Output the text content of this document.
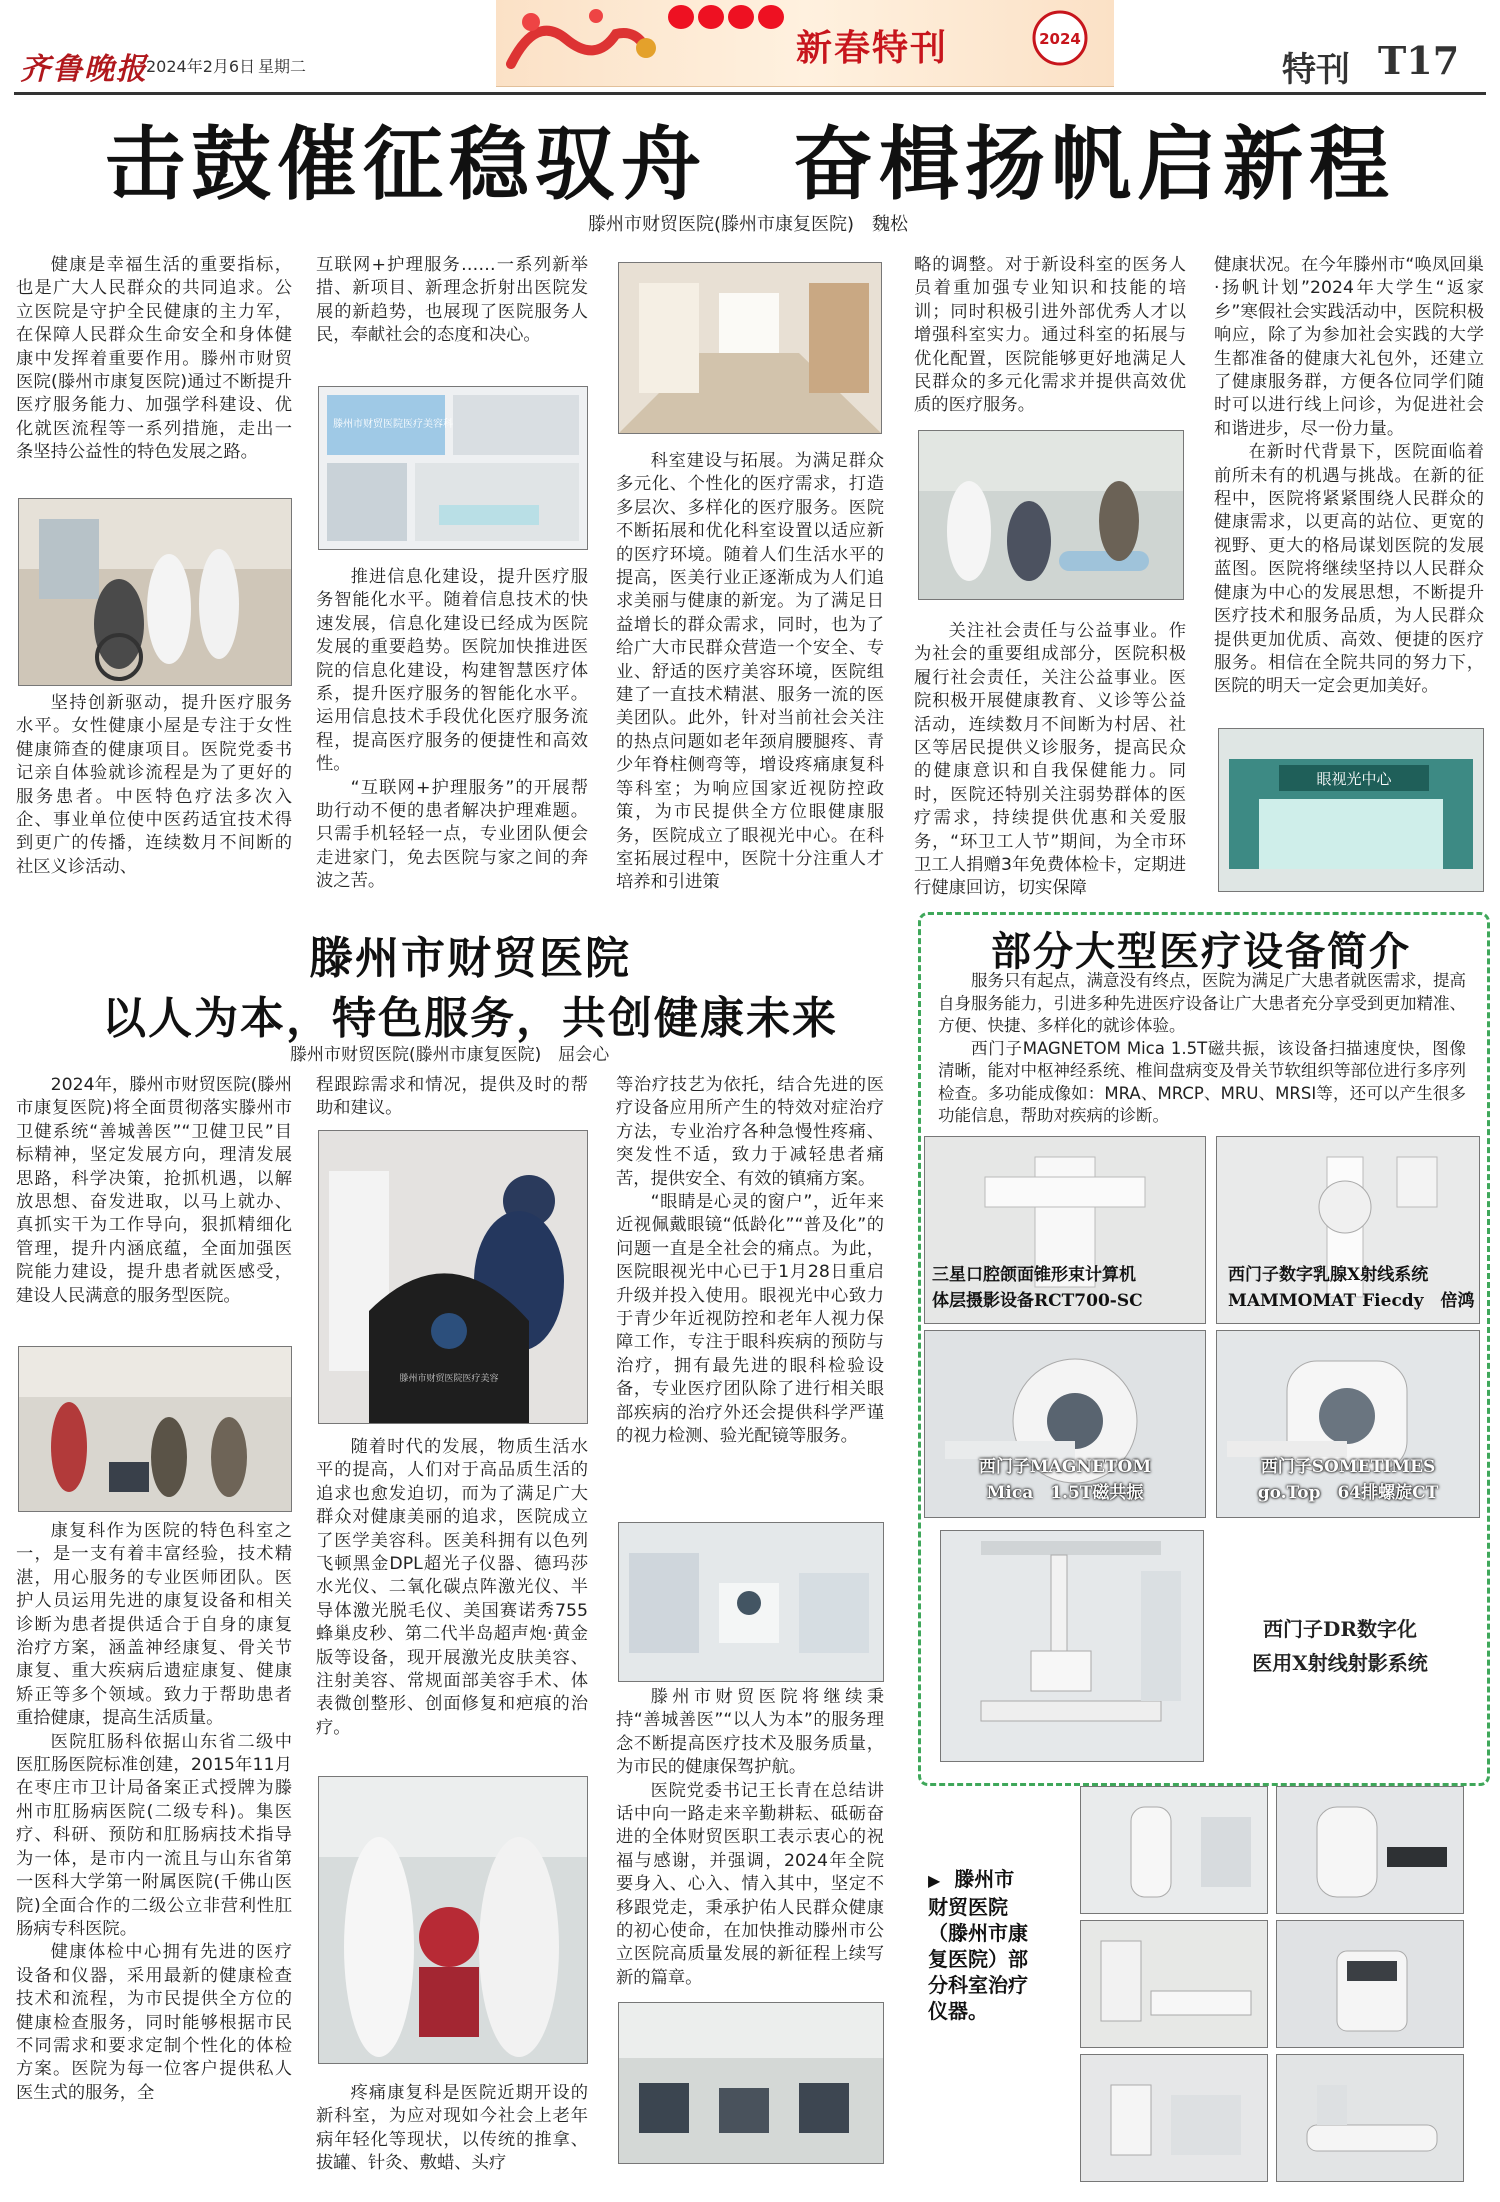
齐鲁晚报
2024年2月6日 星期二	新春特刊	2024
特刊 T17
击鼓催征稳驭舟　奋楫扬帆启新程
滕州市财贸医院(滕州市康复医院)　魏松

健康是幸福生活的重要指标，也是广大人民群众的共同追求。公立医院是守护全民健康的主力军，在保障人民群众生命安全和身体健康中发挥着重要作用。滕州市财贸医院(滕州市康复医院)通过不断提升医疗服务能力、加强学科建设、优化就医流程等一系列措施，走出一条坚持公益性的特色发展之路。

坚持创新驱动，提升医疗服务水平。女性健康小屋是专注于女性健康筛查的健康项目。医院党委书记亲自体验就诊流程是为了更好的服务患者。中医特色疗法多次入企、事业单位使中医药适宜技术得到更广的传播，连续数月不间断的社区义诊活动、

互联网+护理服务……一系列新举措、新项目、新理念折射出医院发展的新趋势，也展现了医院服务人民，奉献社会的态度和决心。

滕州市财贸医院医疗美容科

推进信息化建设，提升医疗服务智能化水平。随着信息技术的快速发展，信息化建设已经成为医院发展的重要趋势。医院加快推进医院的信息化建设，构建智慧医疗体系，提升医疗服务的智能化水平。运用信息技术手段优化医疗服务流程，提高医疗服务的便捷性和高效性。

“互联网+护理服务”的开展帮助行动不便的患者解决护理难题。只需手机轻轻一点，专业团队便会走进家门，免去医院与家之间的奔波之苦。

科室建设与拓展。为满足群众多元化、个性化的医疗需求，打造多层次、多样化的医疗服务。医院不断拓展和优化科室设置以适应新的医疗环境。随着人们生活水平的提高，医美行业正逐渐成为人们追求美丽与健康的新宠。为了满足日益增长的群众需求，同时，也为了给广大市民群众营造一个安全、专业、舒适的医疗美容环境，医院组建了一直技术精湛、服务一流的医美团队。此外，针对当前社会关注的热点问题如老年颈肩腰腿疼、青少年脊柱侧弯等，增设疼痛康复科等科室；为响应国家近视防控政策，为市民提供全方位眼健康服务，医院成立了眼视光中心。在科室拓展过程中，医院十分注重人才培养和引进策

略的调整。对于新设科室的医务人员着重加强专业知识和技能的培训；同时积极引进外部优秀人才以增强科室实力。通过科室的拓展与优化配置，医院能够更好地满足人民群众的多元化需求并提供高效优质的医疗服务。

关注社会责任与公益事业。作为社会的重要组成部分，医院积极履行社会责任，关注公益事业。医院积极开展健康教育、义诊等公益活动，连续数月不间断为村居、社区等居民提供义诊服务，提高民众的健康意识和自我保健能力。同时，医院还特别关注弱势群体的医疗需求，持续提供优惠和关爱服务，“环卫工人节”期间，为全市环卫工人捐赠3年免费体检卡，定期进行健康回访，切实保障

健康状况。在今年滕州市“唤凤回巢·扬帆计划”2024年大学生“返家乡”寒假社会实践活动中，医院积极响应，除了为参加社会实践的大学生都准备的健康大礼包外，还建立了健康服务群，方便各位同学们随时可以进行线上问诊，为促进社会和谐进步，尽一份力量。

在新时代背景下，医院面临着前所未有的机遇与挑战。在新的征程中，医院将紧紧围绕人民群众的健康需求，以更高的站位、更宽的视野、更大的格局谋划医院的发展蓝图。医院将继续坚持以人民群众健康为中心的发展思想，不断提升医疗技术和服务品质，为人民群众提供更加优质、高效、便捷的医疗服务。相信在全院共同的努力下，医院的明天一定会更加美好。

眼视光中心
滕州市财贸医院
以人为本，特色服务，共创健康未来
滕州市财贸医院(滕州市康复医院)　屈会心

2024年，滕州市财贸医院(滕州市康复医院)将全面贯彻落实滕州市卫健系统“善城善医”“卫健卫民”目标精神，坚定发展方向，理清发展思路，科学决策，抢抓机遇，以解放思想、奋发进取，以马上就办、真抓实干为工作导向，狠抓精细化管理，提升内涵底蕴，全面加强医院能力建设，提升患者就医感受，建设人民满意的服务型医院。

康复科作为医院的特色科室之一，是一支有着丰富经验，技术精湛，用心服务的专业医师团队。医护人员运用先进的康复设备和相关诊断为患者提供适合于自身的康复治疗方案，涵盖神经康复、骨关节康复、重大疾病后遗症康复、健康矫正等多个领域。致力于帮助患者重拾健康，提高生活质量。

医院肛肠科依据山东省二级中医肛肠医院标准创建，2015年11月在枣庄市卫计局备案正式授牌为滕州市肛肠病医院(二级专科)。集医疗、科研、预防和肛肠病技术指导为一体，是市内一流且与山东省第一医科大学第一附属医院(千佛山医院)全面合作的二级公立非营利性肛肠病专科医院。

健康体检中心拥有先进的医疗设备和仪器，采用最新的健康检查技术和流程，为市民提供全方位的健康检查服务，同时能够根据市民不同需求和要求定制个性化的体检方案。医院为每一位客户提供私人医生式的服务，全

程跟踪需求和情况，提供及时的帮助和建议。

滕州市财贸医院医疗美容

随着时代的发展，物质生活水平的提高，人们对于高品质生活的追求也愈发迫切，而为了满足广大群众对健康美丽的追求，医院成立了医学美容科。医美科拥有以色列飞顿黑金DPL超光子仪器、德玛莎水光仪、二氧化碳点阵激光仪、半导体激光脱毛仪、美国赛诺秀755蜂巢皮秒、第二代半岛超声炮·黄金版等设备，现开展激光皮肤美容、注射美容、常规面部美容手术、体表微创整形、创面修复和疤痕的治疗。

疼痛康复科是医院近期开设的新科室，为应对现如今社会上老年病年轻化等现状，以传统的推拿、拔罐、针灸、敷蜡、头疗

等治疗技艺为依托，结合先进的医疗设备应用所产生的特效对症治疗方法，专业治疗各种急慢性疼痛、突发性不适，致力于减轻患者痛苦，提供安全、有效的镇痛方案。

“眼睛是心灵的窗户”，近年来近视佩戴眼镜“低龄化”“普及化”的问题一直是全社会的痛点。为此，医院眼视光中心已于1月28日重启升级并投入使用。眼视光中心致力于青少年近视防控和老年人视力保障工作，专注于眼科疾病的预防与治疗，拥有最先进的眼科检验设备，专业医疗团队除了进行相关眼部疾病的治疗外还会提供科学严谨的视力检测、验光配镜等服务。

滕州市财贸医院将继续秉持“善城善医”“以人为本”的服务理念不断提高医疗技术及服务质量，为市民的健康保驾护航。

医院党委书记王长青在总结讲话中向一路走来辛勤耕耘、砥砺奋进的全体财贸医职工表示衷心的祝福与感谢，并强调，2024年全院要身入、心入、情入其中，坚定不移跟党走，秉承护佑人民群众健康的初心使命，在加快推动滕州市公立医院高质量发展的新征程上续写新的篇章。

部分大型医疗设备简介

服务只有起点，满意没有终点，医院为满足广大患者就医需求，提高自身服务能力，引进多种先进医疗设备让广大患者充分享受到更加精准、方便、快捷、多样化的就诊体验。

西门子MAGNETOM Mica 1.5T磁共振，该设备扫描速度快，图像清晰，能对中枢神经系统、椎间盘病变及骨关节软组织等部位进行多序列检查。多功能成像如：MRA、MRCP、MRU、MRSI等，还可以产生很多功能信息，帮助对疾病的诊断。

三星口腔颌面锥形束计算机
体层摄影设备RCT700-SC
西门子数字乳腺X射线系统
MAMMOMAT Fiecdy　倍鸿
西门子MAGNETOM
Mica　1.5T磁共振
西门子SOMETIMES
go.Top　64排螺旋CT
西门子DR数字化
医用X射线射影系统
▶ 滕州市
财贸医院
（滕州市康
复医院）部
分科室治疗
仪器。
